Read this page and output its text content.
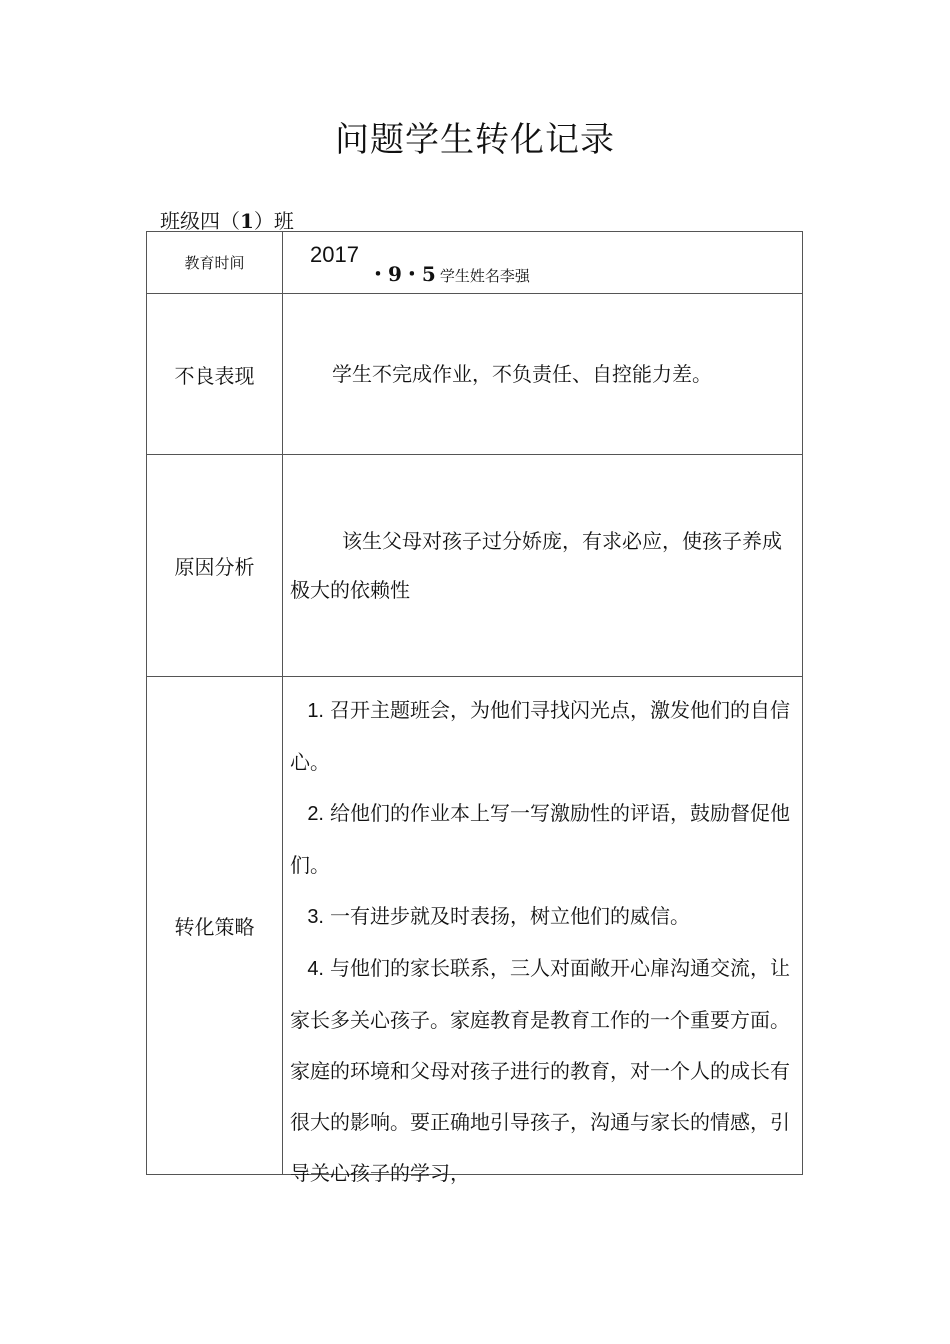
问题学生转化记录
班级四（1）班
教育时间	2017
・9・5 学生姓名李强

不良表现	学生不完成作业，不负责任、自控能力差。

原因分析	该生父母对孩子过分娇庞，有求必应，使孩子养成极大的依赖性

转化策略	1. 召开主题班会，为他们寻找闪光点，激发他们的自信心。

2. 给他们的作业本上写一写激励性的评语，鼓励督促他们。

3. 一有进步就及时表扬，树立他们的威信。

4. 与他们的家长联系，三人对面敞开心扉沟通交流，让家长多关心孩子。家庭教育是教育工作的一个重要方面。家庭的环境和父母对孩子进行的教育，对一个人的成长有很大的影响。要正确地引导孩子，沟通与家长的情感，引导关心孩子的学习，
